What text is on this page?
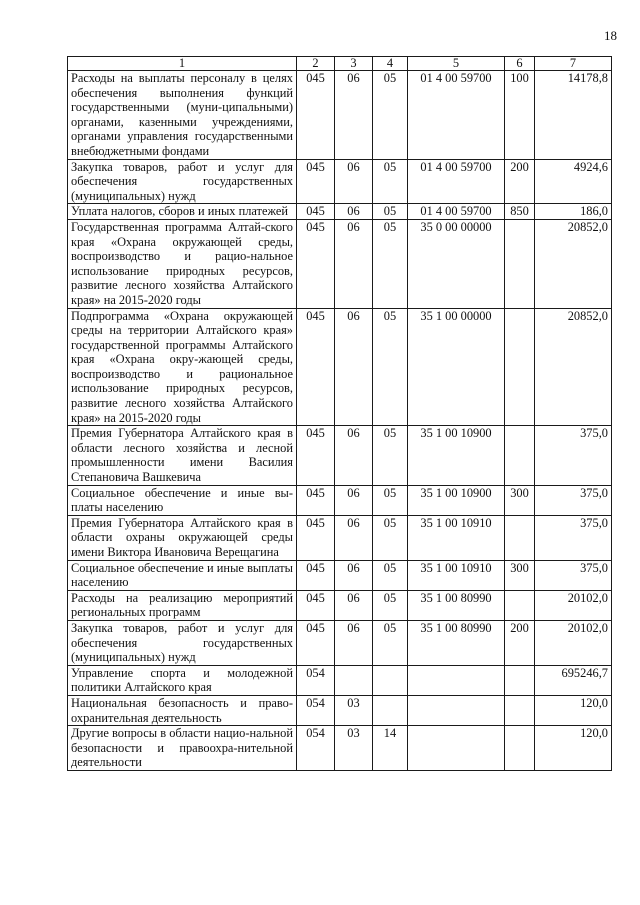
18
1	2	3	4	5	6	7
Расходы на выплаты персоналу в целях обеспечения выполнения функций государственными (муни-ципальными) органами, казенными учреждениями, органами управления государственными внебюджетными фондами	045	06	05	01 4 00 59700	100	14178,8
Закупка товаров, работ и услуг для обеспечения государственных (муниципальных) нужд	045	06	05	01 4 00 59700	200	4924,6
Уплата налогов, сборов и иных платежей	045	06	05	01 4 00 59700	850	186,0
Государственная программа Алтай-ского края «Охрана окружающей среды, воспроизводство и рацио-нальное использование природных ресурсов, развитие лесного хозяйства Алтайского края» на 2015-2020 годы	045	06	05	35 0 00 00000		20852,0
Подпрограмма «Охрана окружающей среды на территории Алтайского края» государственной программы Алтайского края «Охрана окру-жающей среды, воспроизводство и рациональное использование природных ресурсов, развитие лесного хозяйства Алтайского края» на 2015-2020 годы	045	06	05	35 1 00 00000		20852,0
Премия Губернатора Алтайского края в области лесного хозяйства и лесной промышленности имени Василия Степановича Вашкевича	045	06	05	35 1 00 10900		375,0
Социальное обеспечение и иные вы-платы населению	045	06	05	35 1 00 10900	300	375,0
Премия Губернатора Алтайского края в области охраны окружающей среды имени Виктора Ивановича Верещагина	045	06	05	35 1 00 10910		375,0
Социальное обеспечение и иные выплаты населению	045	06	05	35 1 00 10910	300	375,0
Расходы на реализацию мероприятий региональных программ	045	06	05	35 1 00 80990		20102,0
Закупка товаров, работ и услуг для обеспечения государственных (муниципальных) нужд	045	06	05	35 1 00 80990	200	20102,0
Управление спорта и молодежной политики Алтайского края	054					695246,7
Национальная безопасность и право-охранительная деятельность	054	03				120,0
Другие вопросы в области нацио-нальной безопасности и правоохра-нительной деятельности	054	03	14			120,0
